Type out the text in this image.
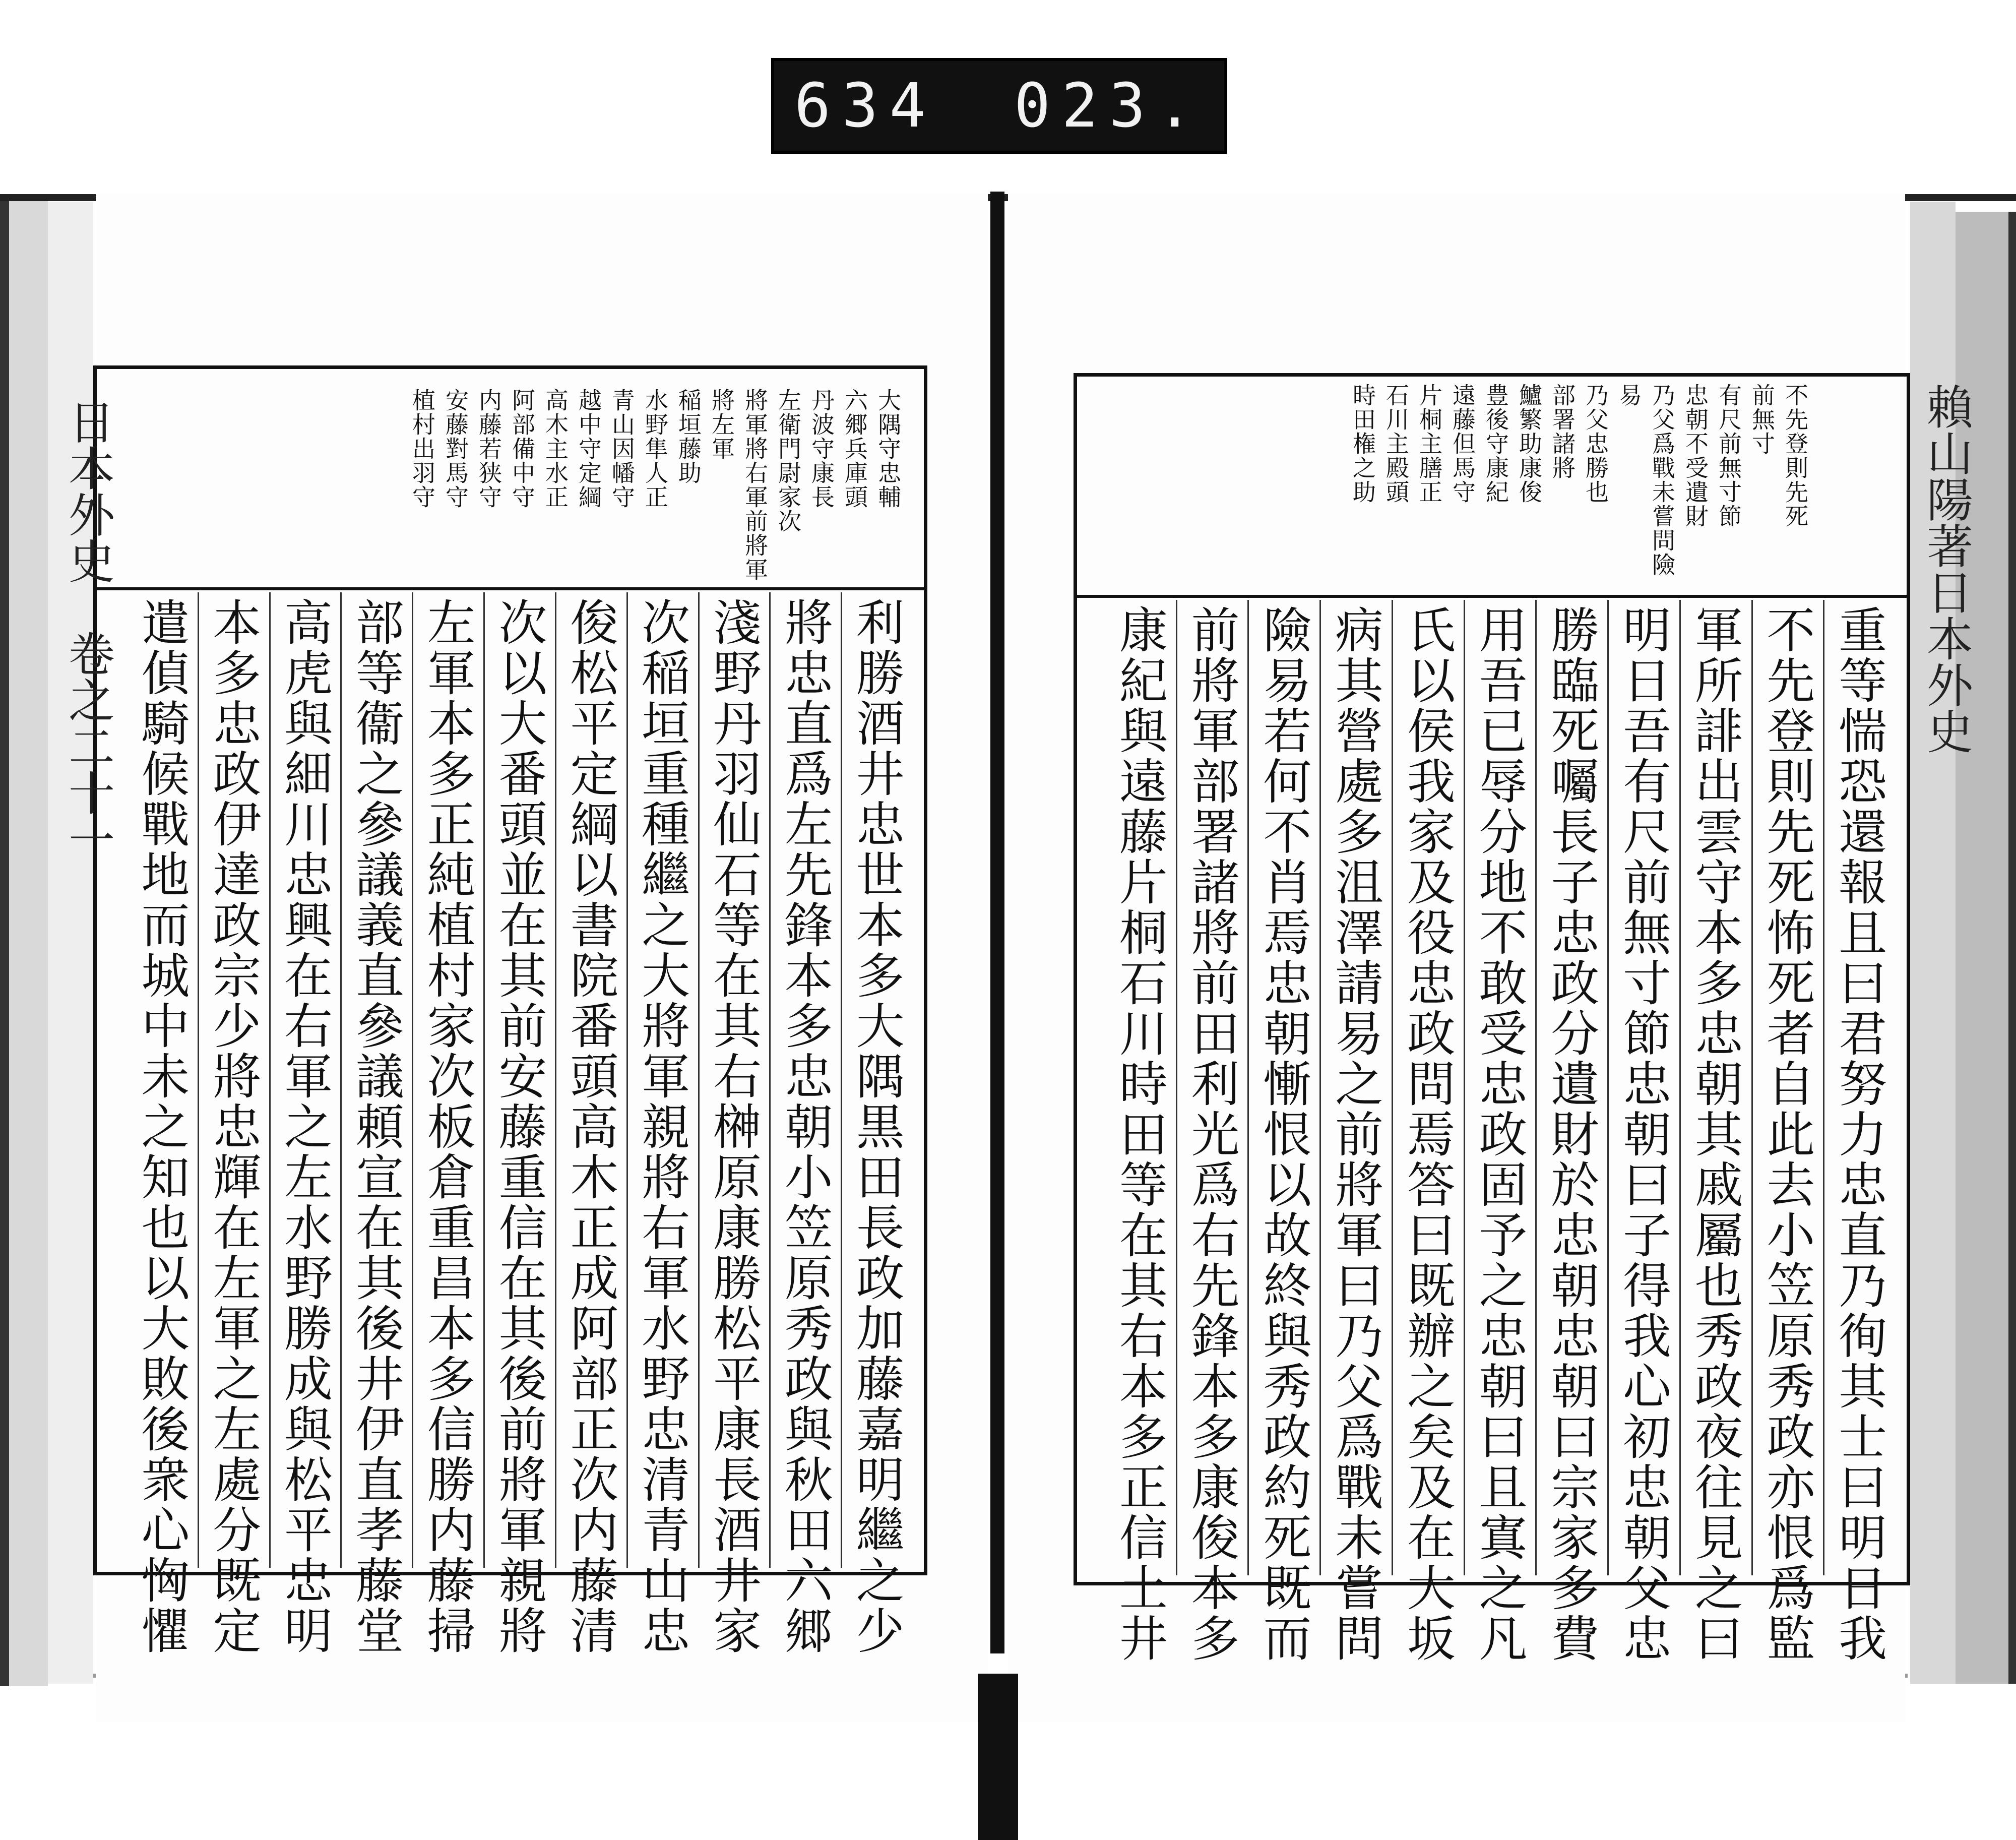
634 023.
日本外史　卷之二十一	大隅守忠輔
六郷兵庫頭
丹波守康長
左衛門尉家次
將軍將右軍前將軍
將左軍
稲垣藤助
水野隼人正
青山因幡守
越中守定綱
高木主水正
阿部備中守
内藤若狭守
安藤對馬守
植村出羽守
利勝酒井忠世本多大隅黒田長政加藤嘉明繼之少
將忠直爲左先鋒本多忠朝小笠原秀政與秋田六郷
淺野丹羽仙石等在其右榊原康勝松平康長酒井家
次稲垣重種繼之大將軍親將右軍水野忠清青山忠
俊松平定綱以書院番頭高木正成阿部正次内藤清
次以大番頭並在其前安藤重信在其後前將軍親將
左軍本多正純植村家次板倉重昌本多信勝内藤掃
部等衞之參議義直參議頼宣在其後井伊直孝藤堂
高虎與細川忠興在右軍之左水野勝成與松平忠明
本多忠政伊達政宗少將忠輝在左軍之左處分既定
遣偵騎候戰地而城中未之知也以大敗後衆心恟懼
賴山陽著日本外史
不先登則先死
前無寸
有尺前無寸節
忠朝不受遺財
乃父爲戰未嘗問險
易
乃父忠勝也
部署諸將
鱸繁助康俊
豊後守康紀
遠藤但馬守
片桐主膳正
石川主殿頭
時田権之助
重等惴恐還報且曰君努力忠直乃徇其士曰明日我
不先登則先死怖死者自此去小笠原秀政亦恨爲監
軍所誹出雲守本多忠朝其戚屬也秀政夜往見之曰
明日吾有尺前無寸節忠朝曰子得我心初忠朝父忠
勝臨死囑長子忠政分遺財於忠朝忠朝曰宗家多費
用吾已辱分地不敢受忠政固予之忠朝曰且寘之凡
氏以侯我家及役忠政問焉答曰既辦之矣及在大坂
病其營處多沮澤請易之前將軍曰乃父爲戰未嘗問
險易若何不肖焉忠朝慚恨以故終與秀政約死既而
前將軍部署諸將前田利光爲右先鋒本多康俊本多
康紀與遠藤片桐石川時田等在其右本多正信土井
